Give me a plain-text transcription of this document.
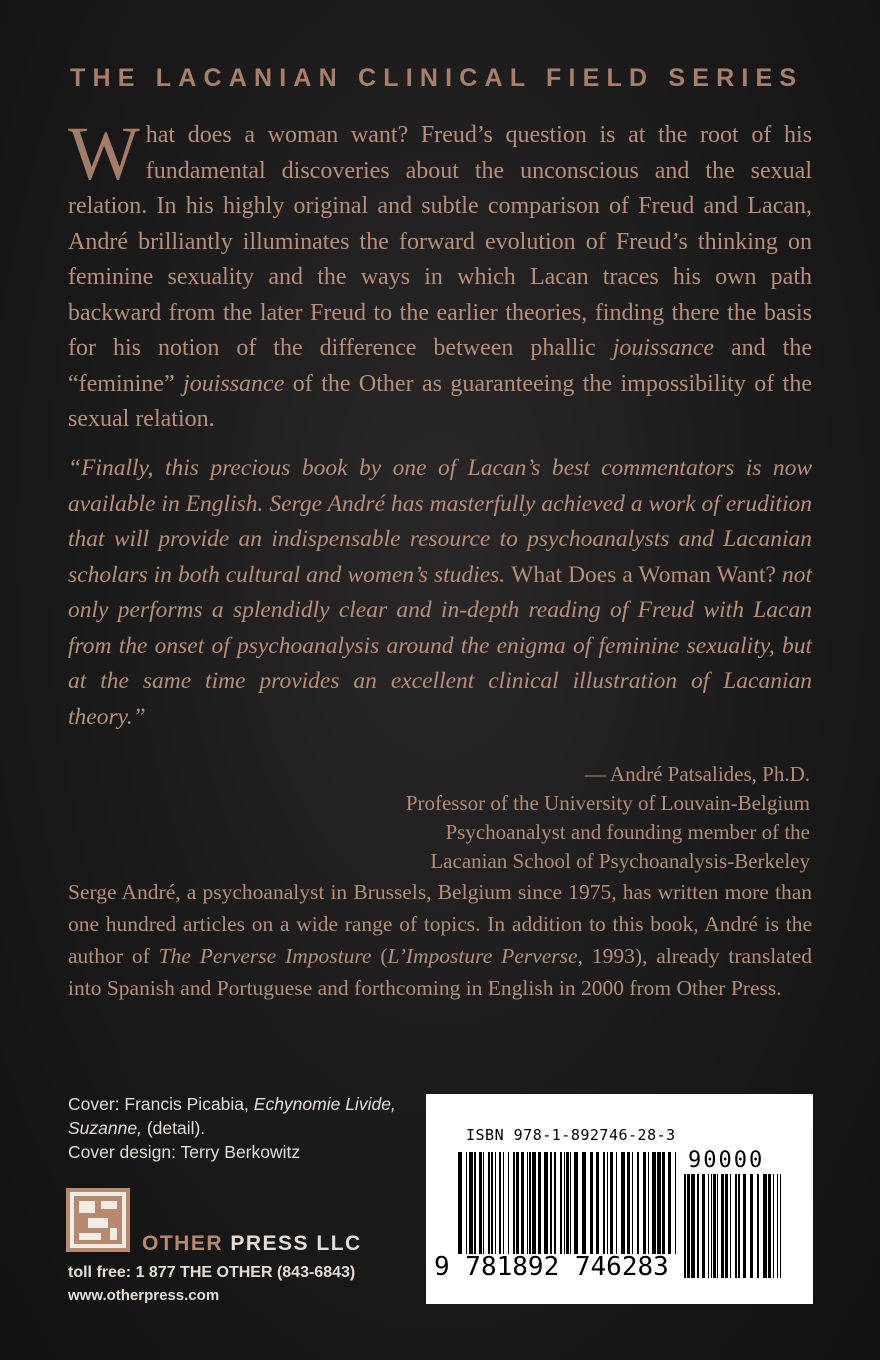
THE LACANIAN CLINICAL FIELD SERIES
What does a woman want? Freud’s question is at the root of his fundamental discoveries about the unconscious and the sexual relation. In his highly original and subtle comparison of Freud and Lacan, André brilliantly illuminates the forward evolution of Freud’s thinking on feminine sexuality and the ways in which Lacan traces his own path backward from the later Freud to the earlier theories, finding there the basis for his notion of the difference between phallic jouissance and the “feminine” jouissance of the Other as guaranteeing the impossibility of the sexual relation.
“Finally, this precious book by one of Lacan’s best commentators is now available in English. Serge André has masterfully achieved a work of erudition that will provide an indispensable resource to psychoanalysts and Lacanian scholars in both cultural and women’s studies. What Does a Woman Want? not only performs a splendidly clear and in-depth reading of Freud with Lacan from the onset of psychoanalysis around the enigma of feminine sexuality, but at the same time provides an excellent clinical illustration of Lacanian theory.”
— André Patsalides, Ph.D.
Professor of the University of Louvain-Belgium
Psychoanalyst and founding member of the
Lacanian School of Psychoanalysis-Berkeley
Serge André, a psychoanalyst in Brussels, Belgium since 1975, has written more than one hundred articles on a wide range of topics. In addition to this book, André is the author of The Perverse Imposture (L’Imposture Perverse, 1993), already translated into Spanish and Portuguese and forthcoming in English in 2000 from Other Press.
Cover: Francis Picabia, Echynomie Livide, Suzanne, (detail).
Cover design: Terry Berkowitz
OTHER PRESS LLC
toll free: 1 877 THE OTHER (843-6843)
www.otherpress.com
ISBN 978-1-892746-28-3
90000
9 781892 746283
